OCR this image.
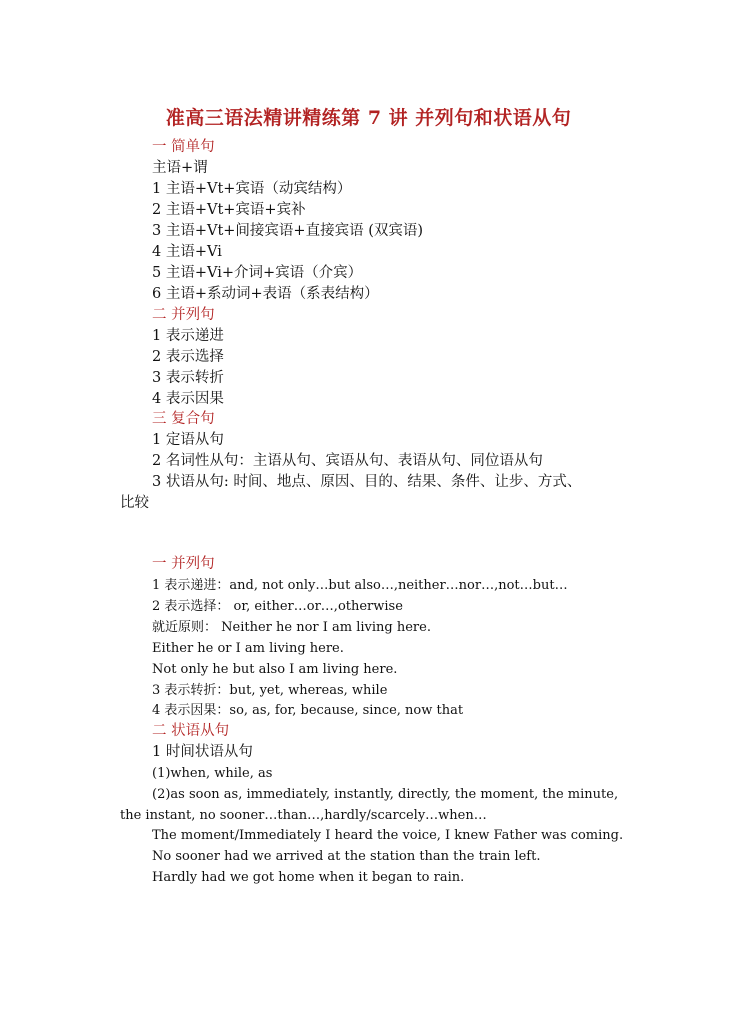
准高三语法精讲精练第 7 讲 并列句和状语从句
一 简单句
主语+谓
1 主语+Vt+宾语（动宾结构）
2 主语+Vt+宾语+宾补
3 主语+Vt+间接宾语+直接宾语 (双宾语)
4 主语+Vi
5 主语+Vi+介词+宾语（介宾）
6 主语+系动词+表语（系表结构）
二 并列句
1 表示递进
2 表示选择
3 表示转折
4 表示因果
三 复合句
1 定语从句
2 名词性从句：主语从句、宾语从句、表语从句、同位语从句
3 状语从句: 时间、地点、原因、目的、结果、条件、让步、方式、
比较
一 并列句
1 表示递进：and, not only…but also…,neither…nor…,not…but…
2 表示选择： or, either…or…,otherwise
就近原则： Neither he nor I am living here.
Either he or I am living here.
Not only he but also I am living here.
3 表示转折：but, yet, whereas, while
4 表示因果：so, as, for, because, since, now that
二 状语从句
1 时间状语从句
(1)when, while, as
(2)as soon as, immediately, instantly, directly, the moment, the minute,
the instant, no sooner…than…,hardly/scarcely…when…
The moment/Immediately I heard the voice, I knew Father was coming.
No sooner had we arrived at the station than the train left.
Hardly had we got home when it began to rain.
